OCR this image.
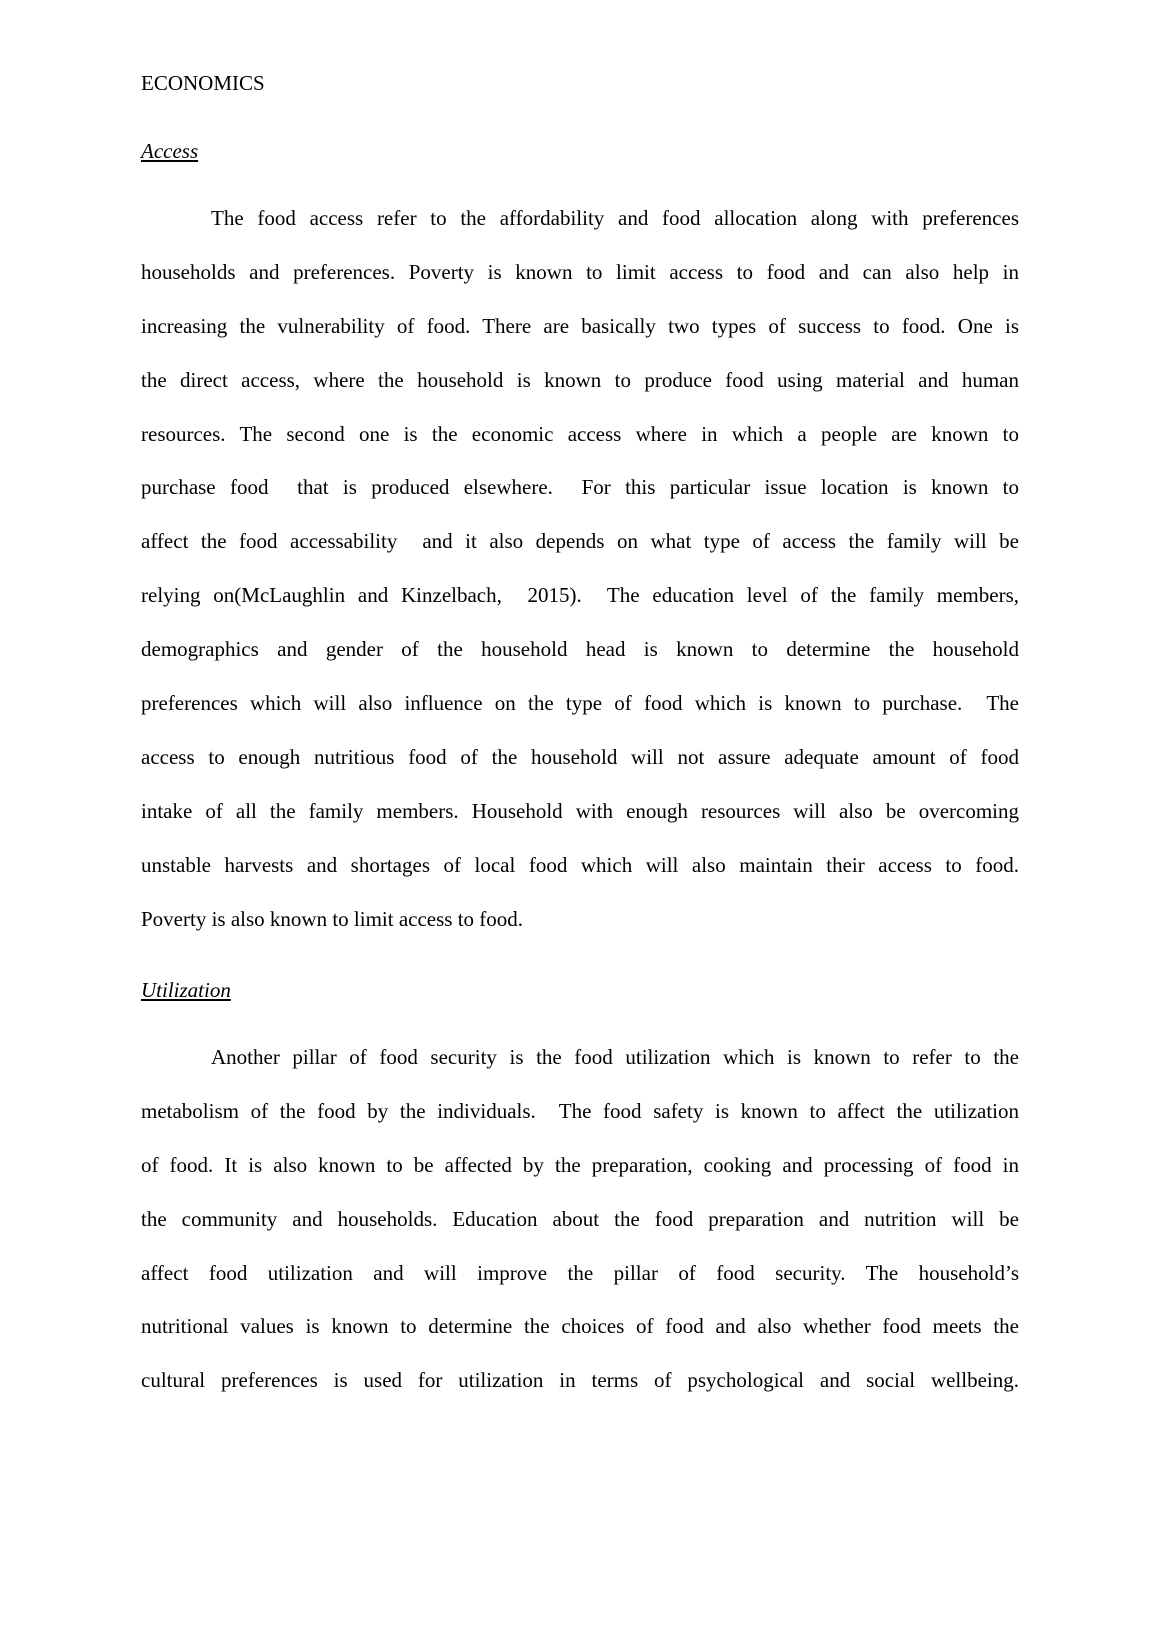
ECONOMICS
Access
The food access refer to the affordability and food allocation along with preferences
households and preferences. Poverty is known to limit access to food and can also help in
increasing the vulnerability of food. There are basically two types of success to food. One is
the direct access, where the household is known to produce food using material and human
resources. The second one is the economic access where in which a people are known to
purchase food  that is produced elsewhere.  For this particular issue location is known to
affect the food accessability  and it also depends on what type of access the family will be
relying on(McLaughlin and Kinzelbach,  2015).  The education level of the family members,
demographics and gender of the household head is known to determine the household
preferences which will also influence on the type of food which is known to purchase.  The
access to enough nutritious food of the household will not assure adequate amount of food
intake of all the family members. Household with enough resources will also be overcoming
unstable harvests and shortages of local food which will also maintain their access to food.
Poverty is also known to limit access to food.
Utilization
Another pillar of food security is the food utilization which is known to refer to the
metabolism of the food by the individuals.  The food safety is known to affect the utilization
of food. It is also known to be affected by the preparation, cooking and processing of food in
the community and households. Education about the food preparation and nutrition will be
affect food utilization and will improve the pillar of food security. The household’s
nutritional values is known to determine the choices of food and also whether food meets the
cultural preferences is used for utilization in terms of psychological and social wellbeing.
